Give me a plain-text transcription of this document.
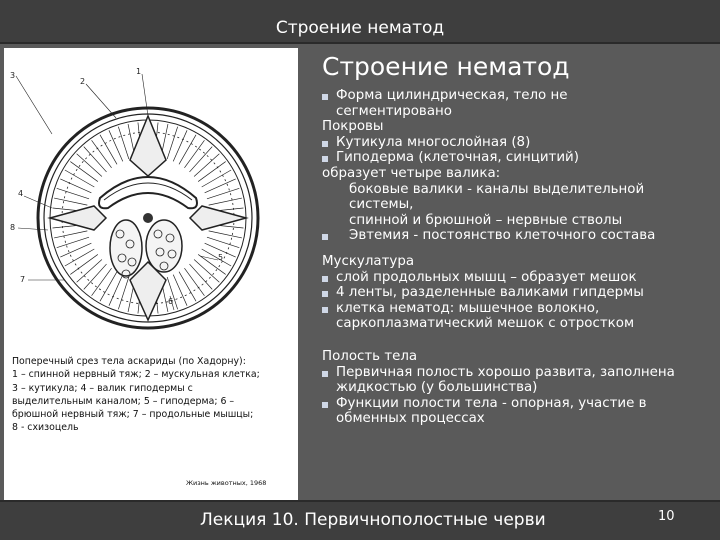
Строение нематод
3
2
1
4
8
7
6
5
Поперечный срез тела аскариды (по Хадорну):
1 – спинной нервный тяж; 2 – мускульная клетка;
3 – кутикула; 4 – валик гиподермы с
выделительным каналом; 5 – гиподерма; 6 –
брюшной нервный тяж; 7 – продольные мышцы;
8 - схизоцель
Жизнь животных, 1968
Строение нематод
Форма цилиндрическая, тело не
сегментировано
Покровы
Кутикула многослойная (8)
Гиподерма (клеточная, синцитий)
образует четыре валика:
боковые валики - каналы выделительной
системы,
спинной и брюшной – нервные стволы
Эвтемия - постоянство клеточного состава
Мускулатура
слой продольных мышц – образует мешок
4 ленты, разделенные валиками гипдермы
клетка нематод: мышечное волокно,
саркоплазматический мешок с отростком
Полость тела
Первичная полость хорошо развита, заполнена
жидкостью (у большинства)
Функции полости тела - опорная, участие в
обменных процессах
Лекция 10. Первичнополостные черви	10
